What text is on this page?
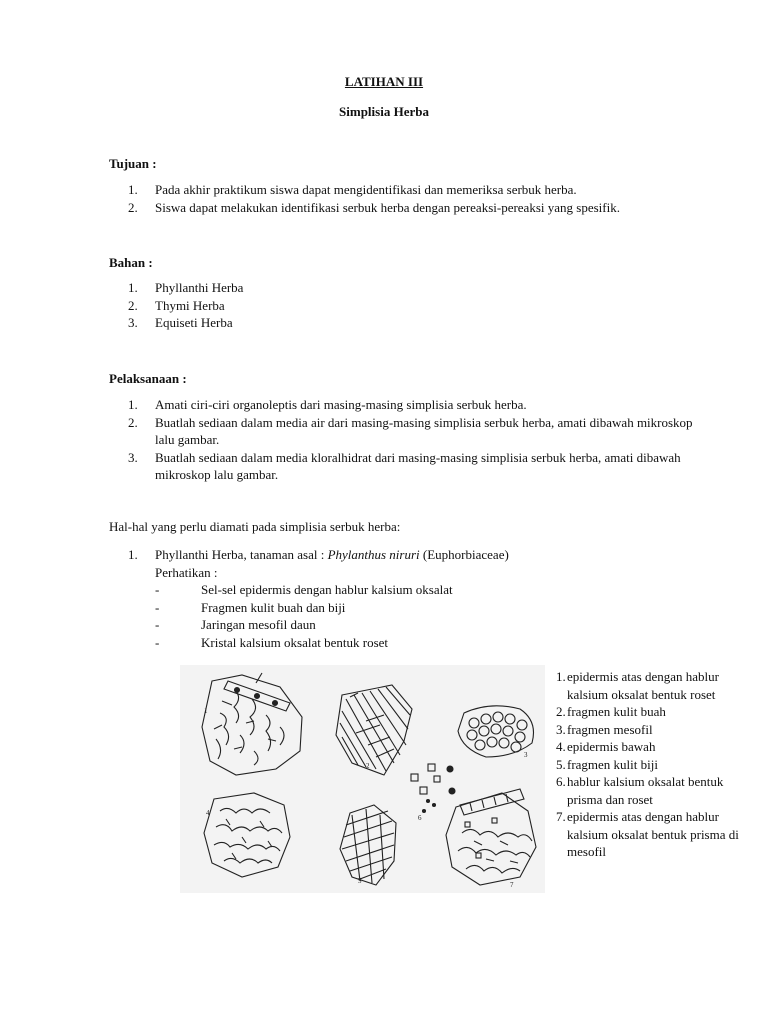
LATIHAN III
Simplisia Herba
Tujuan :
1. Pada akhir praktikum siswa dapat mengidentifikasi dan memeriksa serbuk herba.
2. Siswa dapat melakukan identifikasi serbuk herba dengan pereaksi-pereaksi yang spesifik.
Bahan :
1. Phyllanthi Herba
2. Thymi Herba
3. Equiseti Herba
Pelaksanaan :
1. Amati ciri-ciri organoleptis dari masing-masing simplisia serbuk herba.
2. Buatlah sediaan dalam media air dari masing-masing simplisia serbuk herba, amati dibawah mikroskop lalu gambar.
3. Buatlah sediaan dalam media kloralhidrat dari masing-masing simplisia serbuk herba, amati dibawah mikroskop lalu gambar.
Hal-hal yang perlu diamati pada simplisia serbuk herba:
1. Phyllanthi Herba, tanaman asal : Phylanthus niruri (Euphorbiaceae)
Perhatikan :
-	Sel-sel epidermis dengan hablur kalsium oksalat
-	Fragmen kulit buah dan biji
-	Jaringan mesofil daun
-	Kristal kalsium oksalat bentuk roset
1
2
3
4
5
6
7
1. epidermis atas dengan hablur kalsium oksalat bentuk roset
2. fragmen kulit buah
3. fragmen mesofil
4. epidermis bawah
5. fragmen kulit biji
6. hablur kalsium oksalat bentuk prisma dan roset
7. epidermis atas dengan hablur kalsium oksalat bentuk prisma di mesofil
